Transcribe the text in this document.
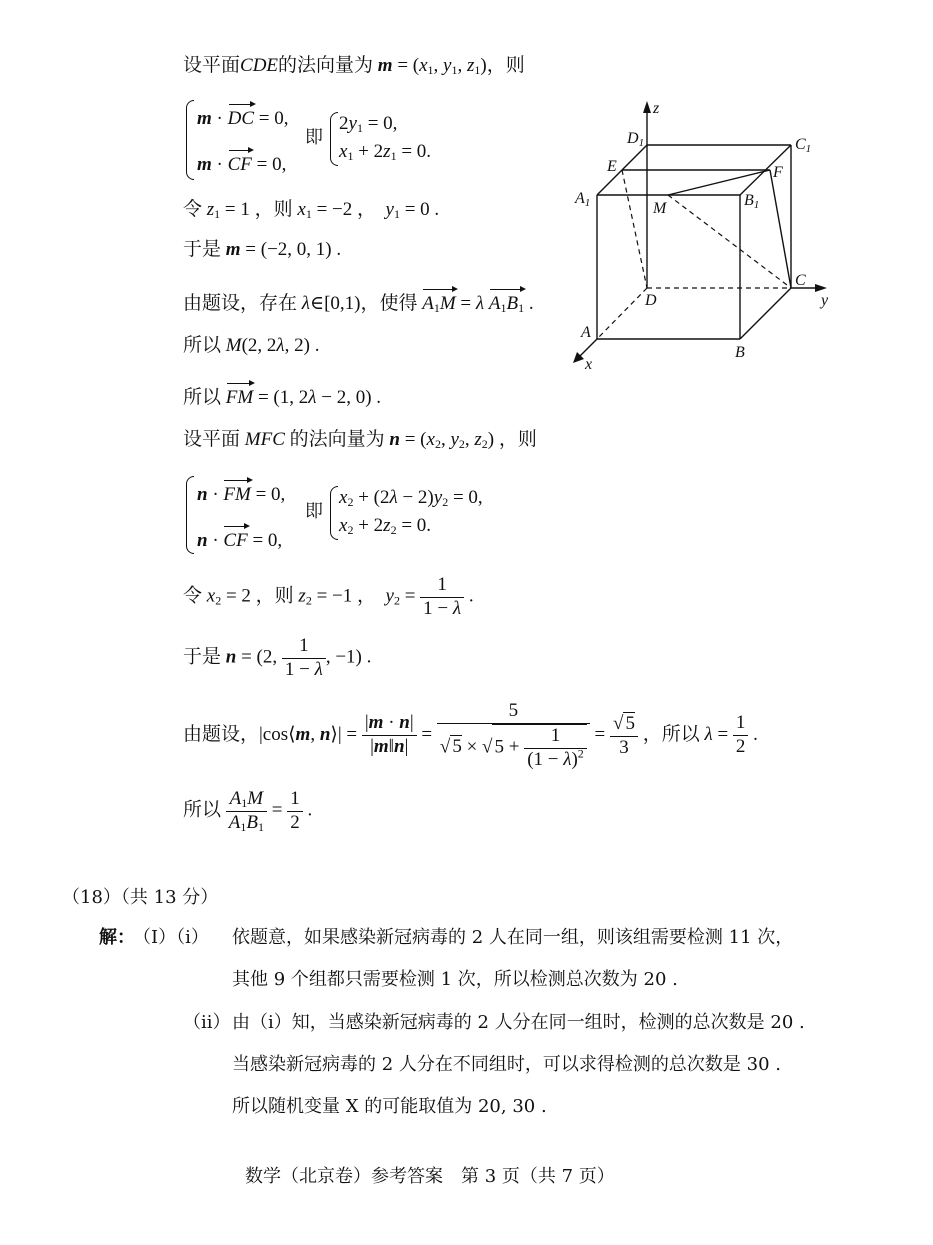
设平面CDE的法向量为 $m = (x_1$, $y_1$, $z_1$)，则
m · DC = 0,
m · CF = 0,
即
$2y_1 = 0$,
$x_1 + 2z_1 = 0$.
令 $z_1 = 1$ ，则 $x_1 = -2$ ，  $y_1 = 0$ .
于是 m = (−2, 0, 1) .
由题设，存在 λ∈[0,1)，使得 $A_1M = \lambda$ $A_1B_1$ .
所以 M(2, 2λ, 2) .
所以 FM = (1, 2λ − 2, 0) .
设平面 MFC 的法向量为 $n = (x_2$, $y_2$, $z_2$) ，则
n · FM = 0,
n · CF = 0,
即
$x_2 + (2\lambda - 2)y_2 = 0$,
$x_2 + 2z_2 = 0$.
令 $x_2 = 2$ ，则 $z_2 = -1$ ，  $y_2 = \frac{1}{1 - \lambda}$ .
于是 n = (2, $\frac{1}{1 - \lambda}$ , −1) .
由题设，|cos⟨m, n⟩| = $\frac{|m \cdot n|}{|m‖n|} = \frac{5}{√ 5 \times √ 5 + \frac{1}{(1 - \lambda)^2}} = \frac{√ 5}{3}$ ，所以 $\lambda = \frac{1}{2}$ .
所以 $\frac{A_1M}{A_1B_1} = \frac{1}{2}$ .
（18）（共 13 分）
解：
（Ⅰ）（ⅰ） 依题意，如果感染新冠病毒的 2 人在同一组，则该组需要检测 11 次，
其他 9 个组都只需要检测 1 次，所以检测总次数为 20 .
（ⅱ） 由（ⅰ）知，当感染新冠病毒的 2 人分在同一组时，检测的总次数是 20 .
当感染新冠病毒的 2 人分在不同组时，可以求得检测的总次数是 30 .
所以随机变量 X 的可能取值为 20, 30 .
数学（北京卷）参考答案　第 3 页（共 7 页）
z
D1	C1
E	F
A1	M	B1
C
y
D
A
B
x
